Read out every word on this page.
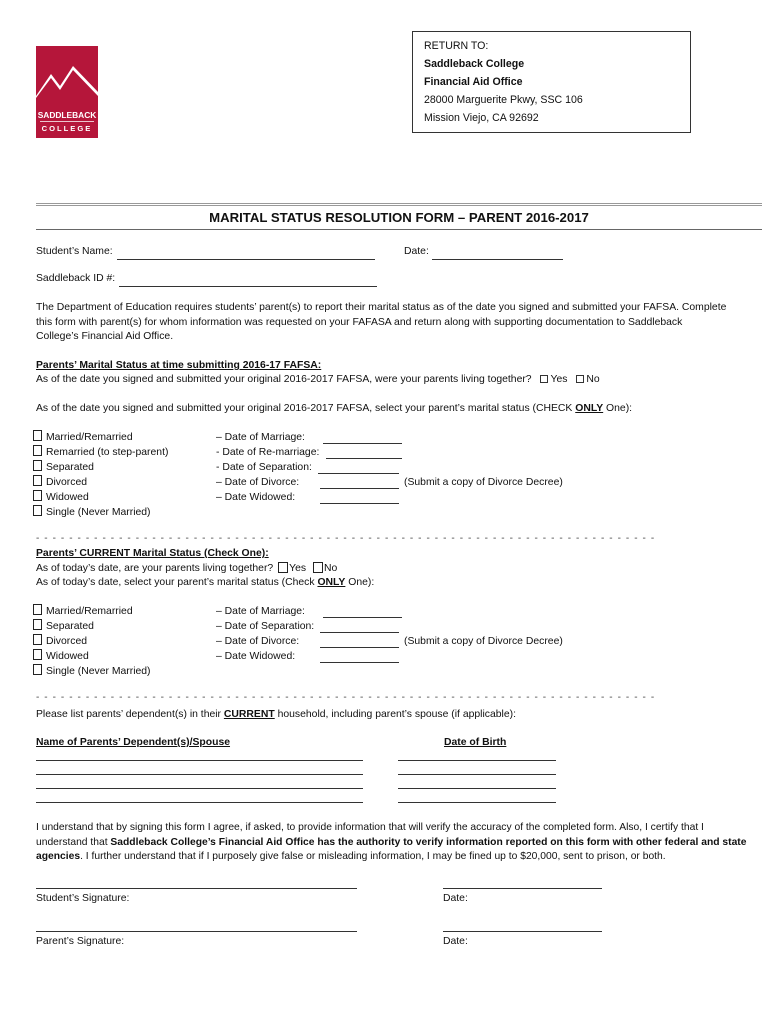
SADDLEBACK
COLLEGE
RETURN TO:
Saddleback College
Financial Aid Office
28000 Marguerite Pkwy, SSC 106
Mission Viejo, CA 92692
MARITAL STATUS RESOLUTION FORM – PARENT 2016-2017
Student’s Name:	Date:
Saddleback ID #:
The Department of Education requires students’ parent(s) to report their marital status as of the date you signed and submitted your FAFSA. Complete
this form with parent(s) for whom information was requested on your FAFASA and return along with supporting documentation to Saddleback
College’s Financial Aid Office.
Parents’ Marital Status at time submitting 2016-17 FAFSA:
As of the date you signed and submitted your original 2016-2017 FAFSA, were your parents living together? Yes No
As of the date you signed and submitted your original 2016-2017 FAFSA, select your parent’s marital status (CHECK ONLY One):
Married/Remarried	– Date of Marriage:
Remarried (to step-parent)	- Date of Re-marriage:
Separated	- Date of Separation:
Divorced	– Date of Divorce:	(Submit a copy of Divorce Decree)
Widowed	– Date Widowed:
Single (Never Married)
- - - - - - - - - - - - - - - - - - - - - - - - - - - - - - - - - - - - - - - - - - - - - - - - - - - - - - - - - - - - - - - - - - - - - - - - - - -
Parents’ CURRENT Marital Status (Check One):
As of today’s date, are your parents living together? Yes No
As of today’s date, select your parent’s marital status (Check ONLY One):
Married/Remarried	– Date of Marriage:
Separated	– Date of Separation:
Divorced	– Date of Divorce:	(Submit a copy of Divorce Decree)
Widowed	– Date Widowed:
Single (Never Married)
- - - - - - - - - - - - - - - - - - - - - - - - - - - - - - - - - - - - - - - - - - - - - - - - - - - - - - - - - - - - - - - - - - - - - - - - - - -
Please list parents’ dependent(s) in their CURRENT household, including parent’s spouse (if applicable):
Name of Parents’ Dependent(s)/Spouse	Date of Birth
I understand that by signing this form I agree, if asked, to provide information that will verify the accuracy of the completed form. Also, I certify that I
understand that Saddleback College’s Financial Aid Office has the authority to verify information reported on this form with other federal and state
agencies. I further understand that if I purposely give false or misleading information, I may be fined up to $20,000, sent to prison, or both.
Student’s Signature:	Date:
Parent’s Signature:	Date:
